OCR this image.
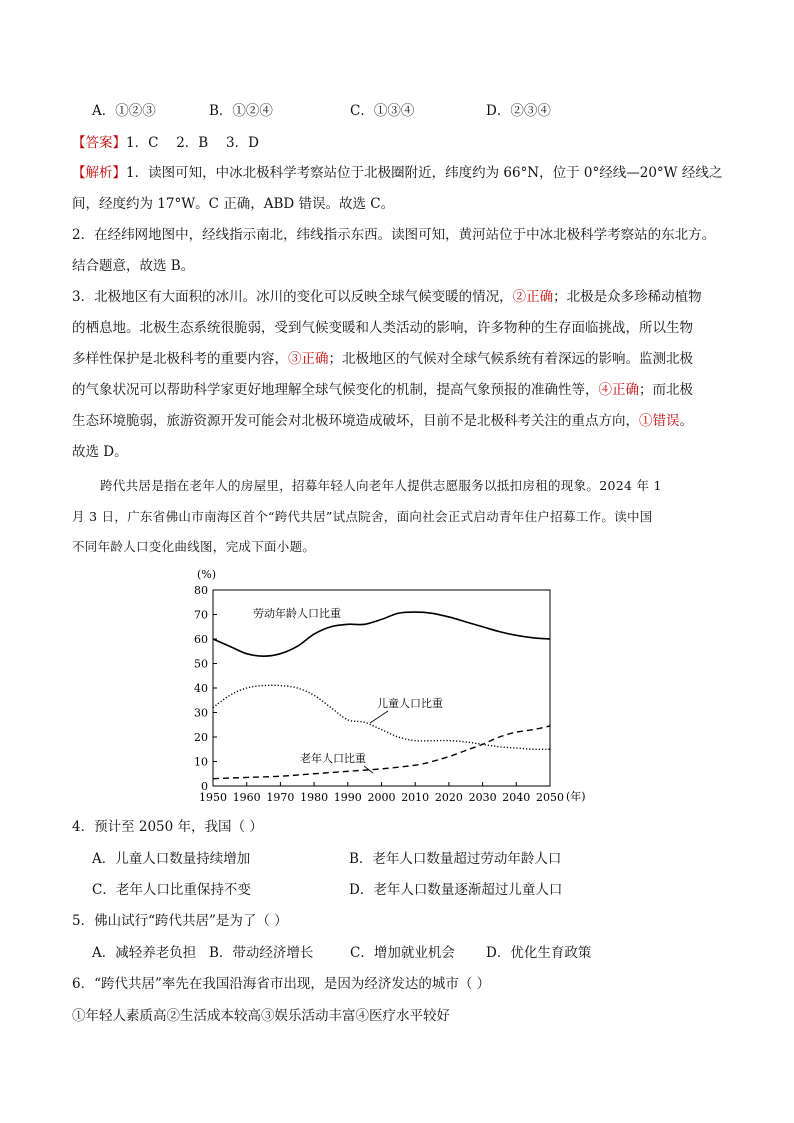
A．①②③	B．①②④	C．①③④	D．②③④
【答案】1．C　 2．B　 3．D
【解析】1．读图可知，中冰北极科学考察站位于北极圈附近，纬度约为 66°N，位于 0°经线—20°W 经线之
间，经度约为 17°W。C 正确，ABD 错误。故选 C。
2．在经纬网地图中，经线指示南北，纬线指示东西。读图可知，黄河站位于中冰北极科学考察站的东北方。
结合题意，故选 B。
3．北极地区有大面积的冰川。冰川的变化可以反映全球气候变暖的情况，②正确；北极是众多珍稀动植物
的栖息地。北极生态系统很脆弱，受到气候变暖和人类活动的影响，许多物种的生存面临挑战，所以生物
多样性保护是北极科考的重要内容，③正确；北极地区的气候对全球气候系统有着深远的影响。监测北极
的气象状况可以帮助科学家更好地理解全球气候变化的机制，提高气象预报的准确性等，④正确；而北极
生态环境脆弱，旅游资源开发可能会对北极环境造成破坏，目前不是北极科考关注的重点方向，①错误。
故选 D。
跨代共居是指在老年人的房屋里，招募年轻人向老年人提供志愿服务以抵扣房租的现象。2024 年 1
月 3 日，广东省佛山市南海区首个“跨代共居”试点院舍，面向社会正式启动青年住户招募工作。读中国
不同年龄人口变化曲线图，完成下面小题。
(%)
(年)
0
10
20
30
40
50
60
70
80
1950 1960 1970 1980 1990 2000 2010 2020 2030 2040 2050
劳动年龄人口比重
儿童人口比重
老年人口比重
4．预计至 2050 年，我国（ ）
A．儿童人口数量持续增加	B．老年人口数量超过劳动年龄人口
C．老年人口比重保持不变	D．老年人口数量逐渐超过儿童人口
5．佛山试行“跨代共居”是为了（ ）
A．减轻养老负担 B．带动经济增长	C．增加就业机会 D．优化生育政策
6．“跨代共居”率先在我国沿海省市出现，是因为经济发达的城市（ ）
①年轻人素质高②生活成本较高③娱乐活动丰富④医疗水平较好
